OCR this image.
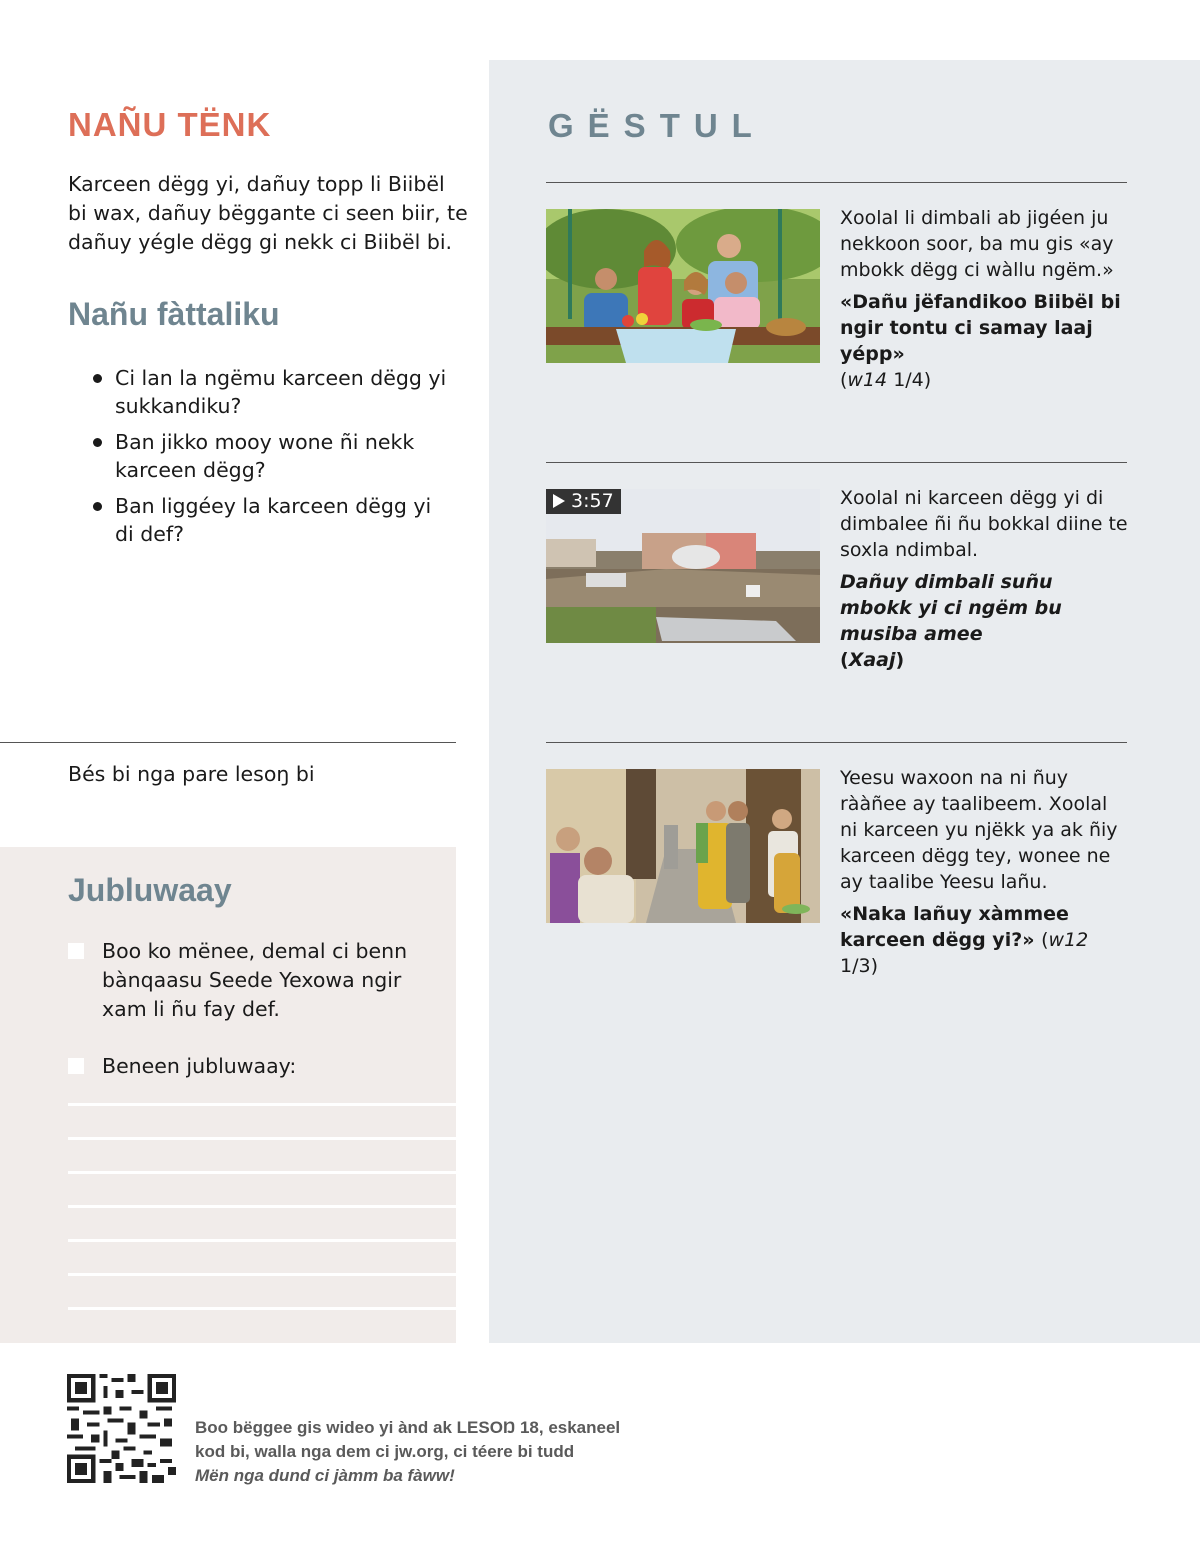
NAÑU TËNK

Karceen dëgg yi, dañuy topp li Biibël bi wax, dañuy bëggante ci seen biir, te dañuy yégle dëgg gi nekk ci Biibël bi.

Nañu fàttaliku
Ci lan la ngëmu karceen dëgg yi sukkandiku?
Ban jikko mooy wone ñi nekk karceen dëgg?
Ban liggéey la karceen dëgg yi di def?
Bés bi nga pare lesoŋ bi
Jubluwaay
Boo ko mënee, demal ci benn bànqaasu Seede Yexowa ngir xam li ñu fay def.
Beneen jubluwaay:
GËSTUL

Xoolal li dimbali ab jigéen ju nekkoon soor, ba mu gis «ay mbokk dëgg ci wàllu ngëm.»

«Dañu jëfandikoo Biibël bi ngir tontu ci samay laaj yépp»
(w14 1/4)

3:57	Xoolal ni karceen dëgg yi di dimbalee ñi ñu bokkal diine te soxla ndimbal.

Dañuy dimbali suñu mbokk yi ci ngëm bu musiba amee
(Xaaj)

Yeesu waxoon na ni ñuy rààñee ay taalibeem. Xoolal ni karceen yu njëkk ya ak ñiy karceen dëgg tey, wonee ne ay taalibe Yeesu lañu.

«Naka lañuy xàmmee karceen dëgg yi?» (w12 1/3)

Boo bëggee gis wideo yi ànd ak LESOŊ 18, eskaneel
kod bi, walla nga dem ci jw.org, ci téere bi tudd
Mën nga dund ci jàmm ba fàww!
